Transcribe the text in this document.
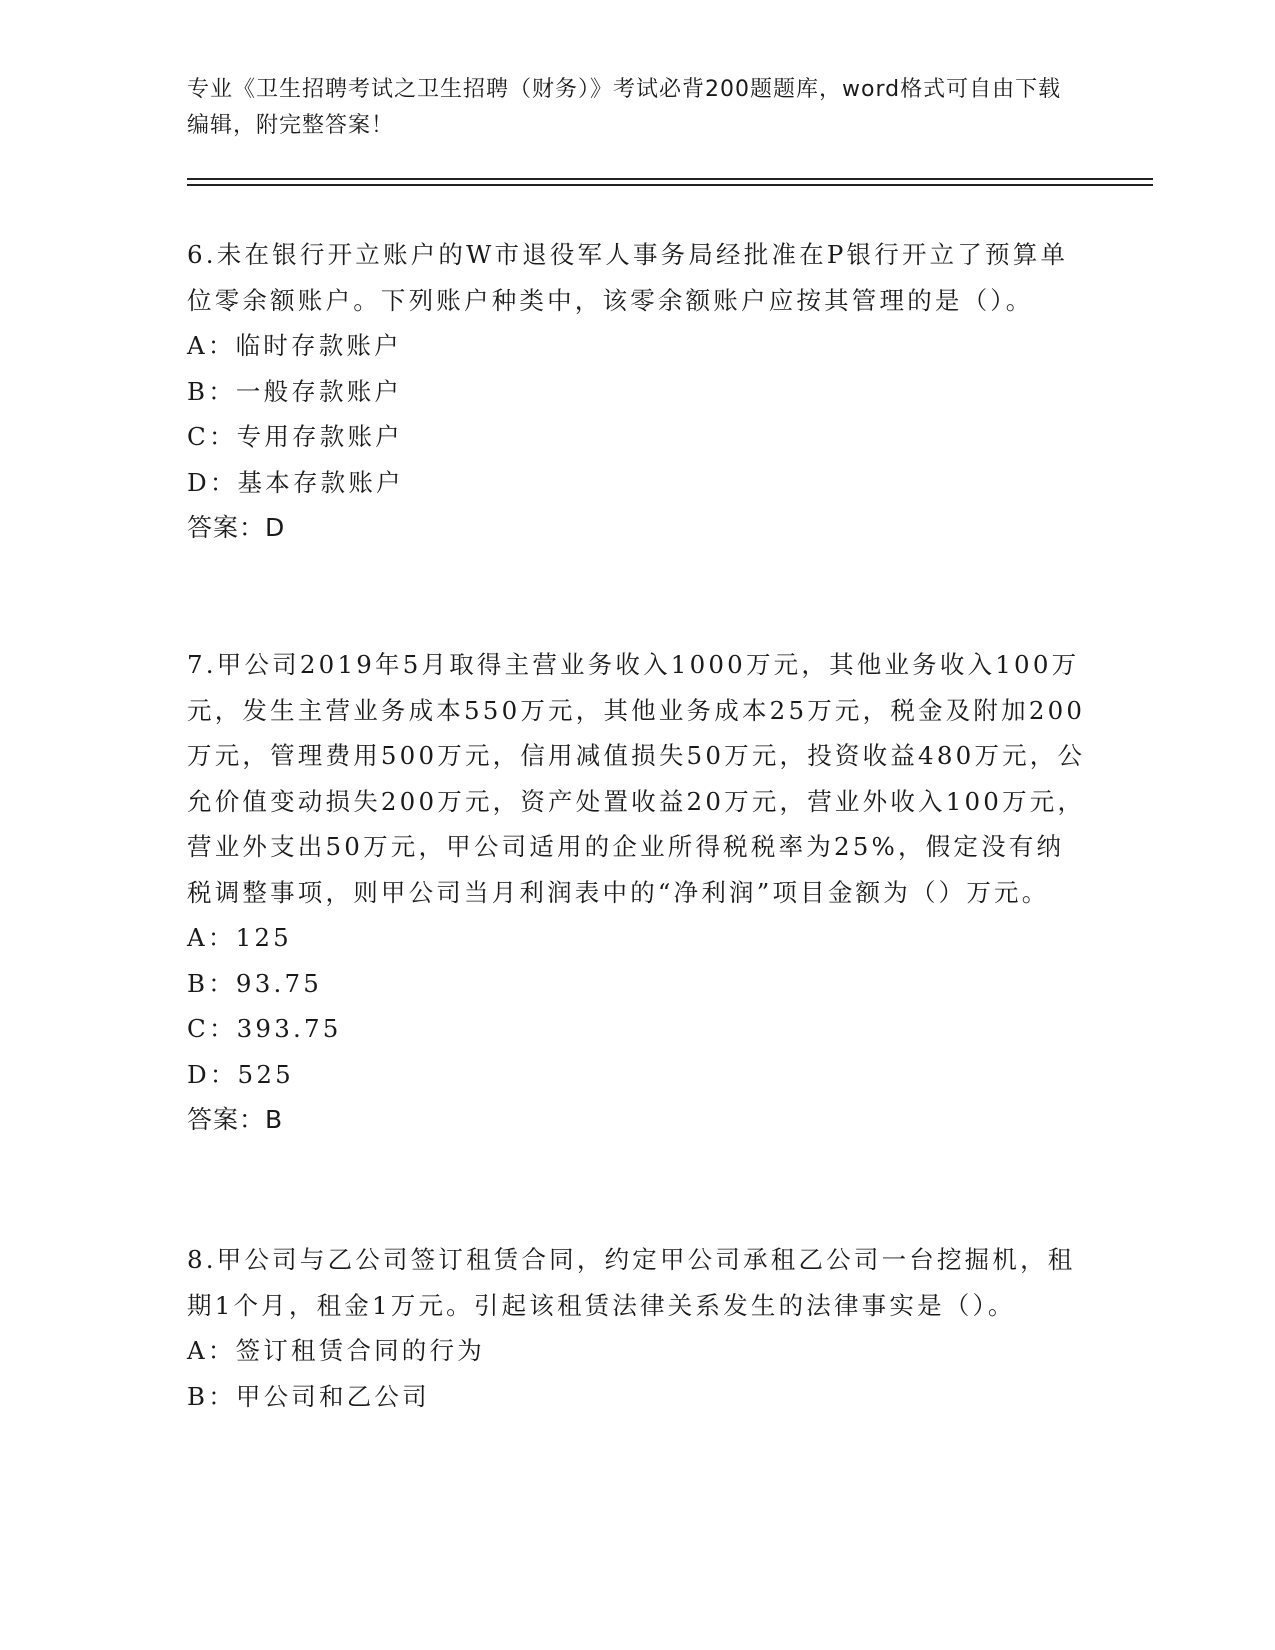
专业《卫生招聘考试之卫生招聘（财务）》考试必背200题题库，word格式可自由下载编辑，附完整答案！

6.未在银行开立账户的W市退役军人事务局经批准在P银行开立了预算单位零余额账户。下列账户种类中，该零余额账户应按其管理的是（）。

A：临时存款账户

B：一般存款账户

C：专用存款账户

D：基本存款账户

答案：D

7.甲公司2019年5月取得主营业务收入1000万元，其他业务收入100万元，发生主营业务成本550万元，其他业务成本25万元，税金及附加200万元，管理费用500万元，信用减值损失50万元，投资收益480万元，公允价值变动损失200万元，资产处置收益20万元，营业外收入100万元，营业外支出50万元，甲公司适用的企业所得税税率为25%，假定没有纳税调整事项，则甲公司当月利润表中的“净利润”项目金额为（）万元。

A：125

B：93.75

C：393.75

D：525

答案：B

8.甲公司与乙公司签订租赁合同，约定甲公司承租乙公司一台挖掘机，租期1个月，租金1万元。引起该租赁法律关系发生的法律事实是（）。

A：签订租赁合同的行为

B：甲公司和乙公司
